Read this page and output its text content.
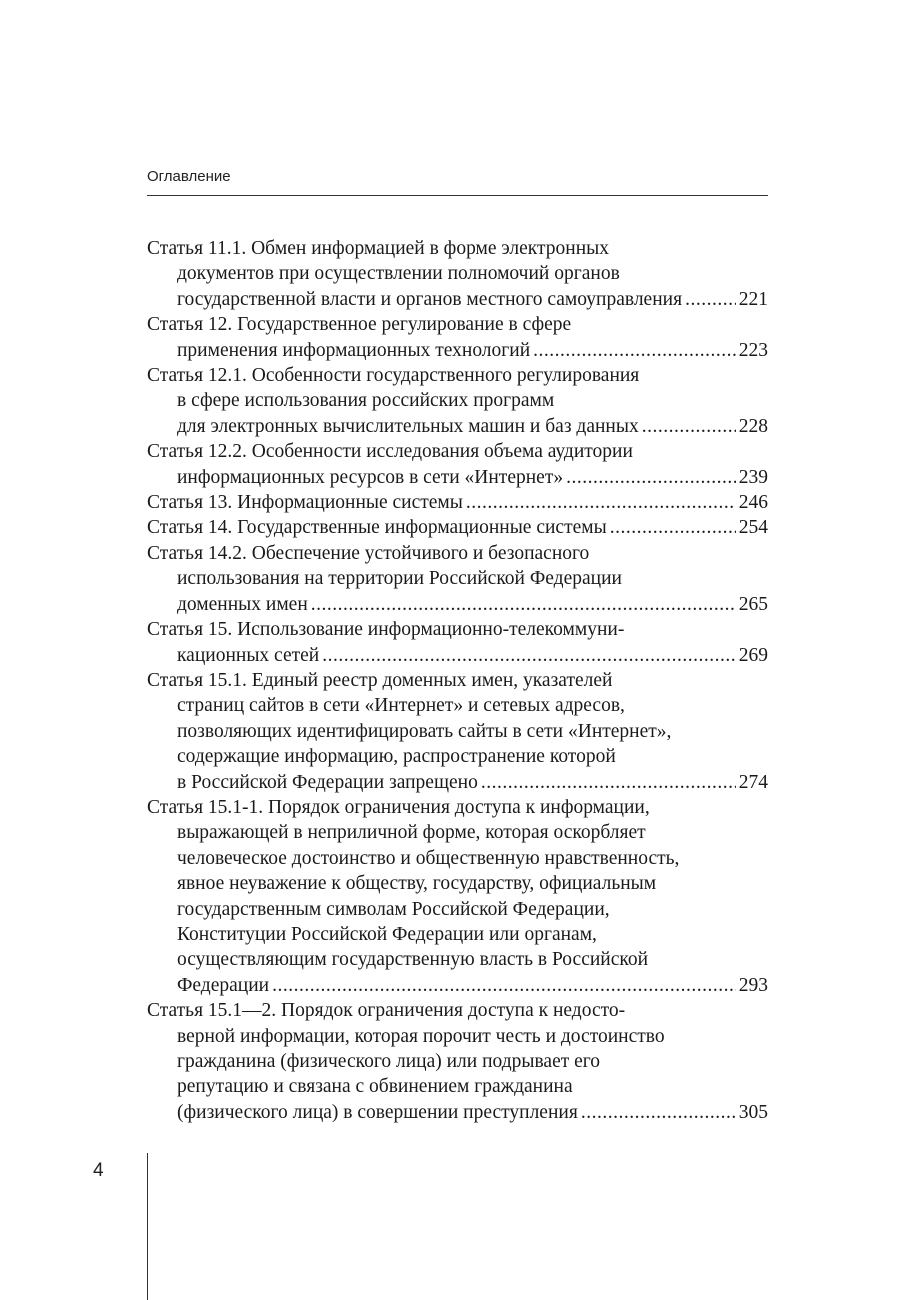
Оглавление
Статья 11.1. Обмен информацией в форме электронных
документов при осуществлении полномочий органов
государственной власти и органов местного самоуправления .....	221
Статья 12. Государственное регулирование в сфере
применения информационных технологий .....	223
Статья 12.1. Особенности государственного регулирования
в сфере использования российских программ
для электронных вычислительных машин и баз данных .....	228
Статья 12.2. Особенности исследования объема аудитории
информационных ресурсов в сети «Интернет» .....	239
Статья 13. Информационные системы .....	246
Статья 14. Государственные информационные системы .....	254
Статья 14.2. Обеспечение устойчивого и безопасного
использования на территории Российской Федерации
доменных имен .....	265
Статья 15. Использование информационно-телекоммуни-
кационных сетей .....	269
Статья 15.1. Единый реестр доменных имен, указателей
страниц сайтов в сети «Интернет» и сетевых адресов,
позволяющих идентифицировать сайты в сети «Интернет»,
содержащие информацию, распространение которой
в Российской Федерации запрещено .....	274
Статья 15.1-1. Порядок ограничения доступа к информации,
выражающей в неприличной форме, которая оскорбляет
человеческое достоинство и общественную нравственность,
явное неуважение к обществу, государству, официальным
государственным символам Российской Федерации,
Конституции Российской Федерации или органам,
осуществляющим государственную власть в Российской
Федерации .....	293
Статья 15.1—2. Порядок ограничения доступа к недосто-
верной информации, которая порочит честь и достоинство
гражданина (физического лица) или подрывает его
репутацию и связана с обвинением гражданина
(физического лица) в совершении преступления .....	305
4
